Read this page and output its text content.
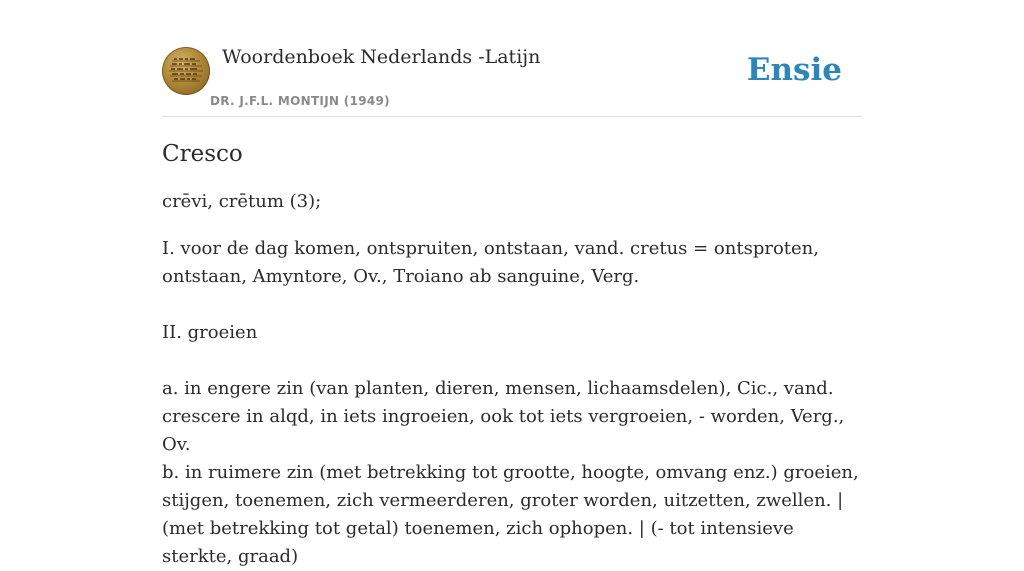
Woordenboek Nederlands -Latijn
DR. J.F.L. MONTIJN (1949)
Ensie
Cresco

crēvi, crētum (3);

I. voor de dag komen, ontspruiten, ontstaan, vand. cretus = ontsproten, ontstaan, Amyntore, Ov., Troiano ab sanguine, Verg.

II. groeien

a. in engere zin (van planten, dieren, mensen, lichaamsdelen), Cic., vand. crescere in alqd, in iets ingroeien, ook tot iets vergroeien, - worden, Verg., Ov.

b. in ruimere zin (met betrekking tot grootte, hoogte, omvang enz.) groeien, stijgen, toenemen, zich vermeerderen, groter worden, uitzetten, zwellen. | (met betrekking tot getal) toenemen, zich ophopen. | (- tot intensieve sterkte, graad)
